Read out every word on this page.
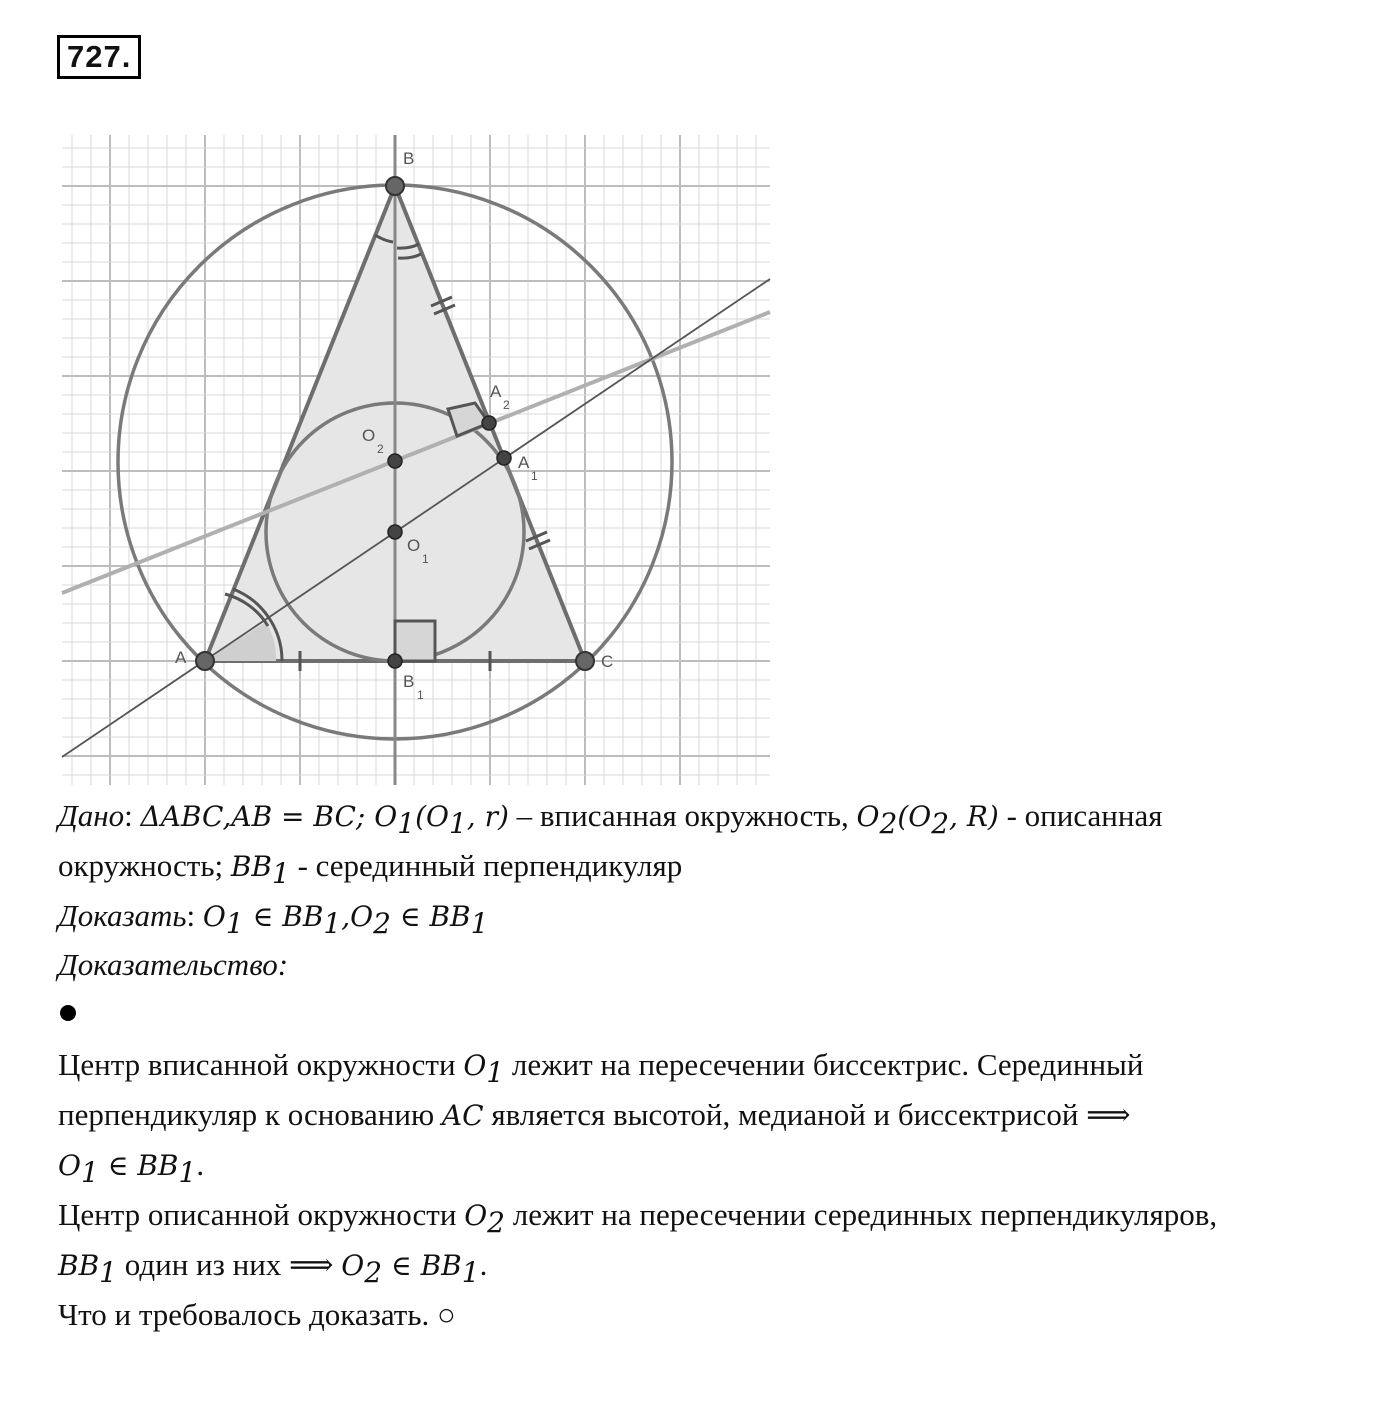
727.
B
A	C
A
2
A
1
O
2
O
1
B
1
Дано: ΔABC,AB = BC; $O_1(O_1$, r) – вписанная окружность, $O_2(O_2$, R) - описанная
окружность; $BB_1$ - серединный перпендикуляр
Доказать: $O_1$ ∈ $BB_1,O_2$ ∈ $BB_1$
Доказательство:
Центр вписанной окружности $O_1$ лежит на пересечении биссектрис. Серединный
перпендикуляр к основанию AC является высотой, медианой и биссектрисой ⟹
$O_1$ ∈ $BB_1$.
Центр описанной окружности $O_2$ лежит на пересечении серединных перпендикуляров,
$BB_1$ один из них ⟹ $O_2$ ∈ $BB_1$.
Что и требовалось доказать. ○
